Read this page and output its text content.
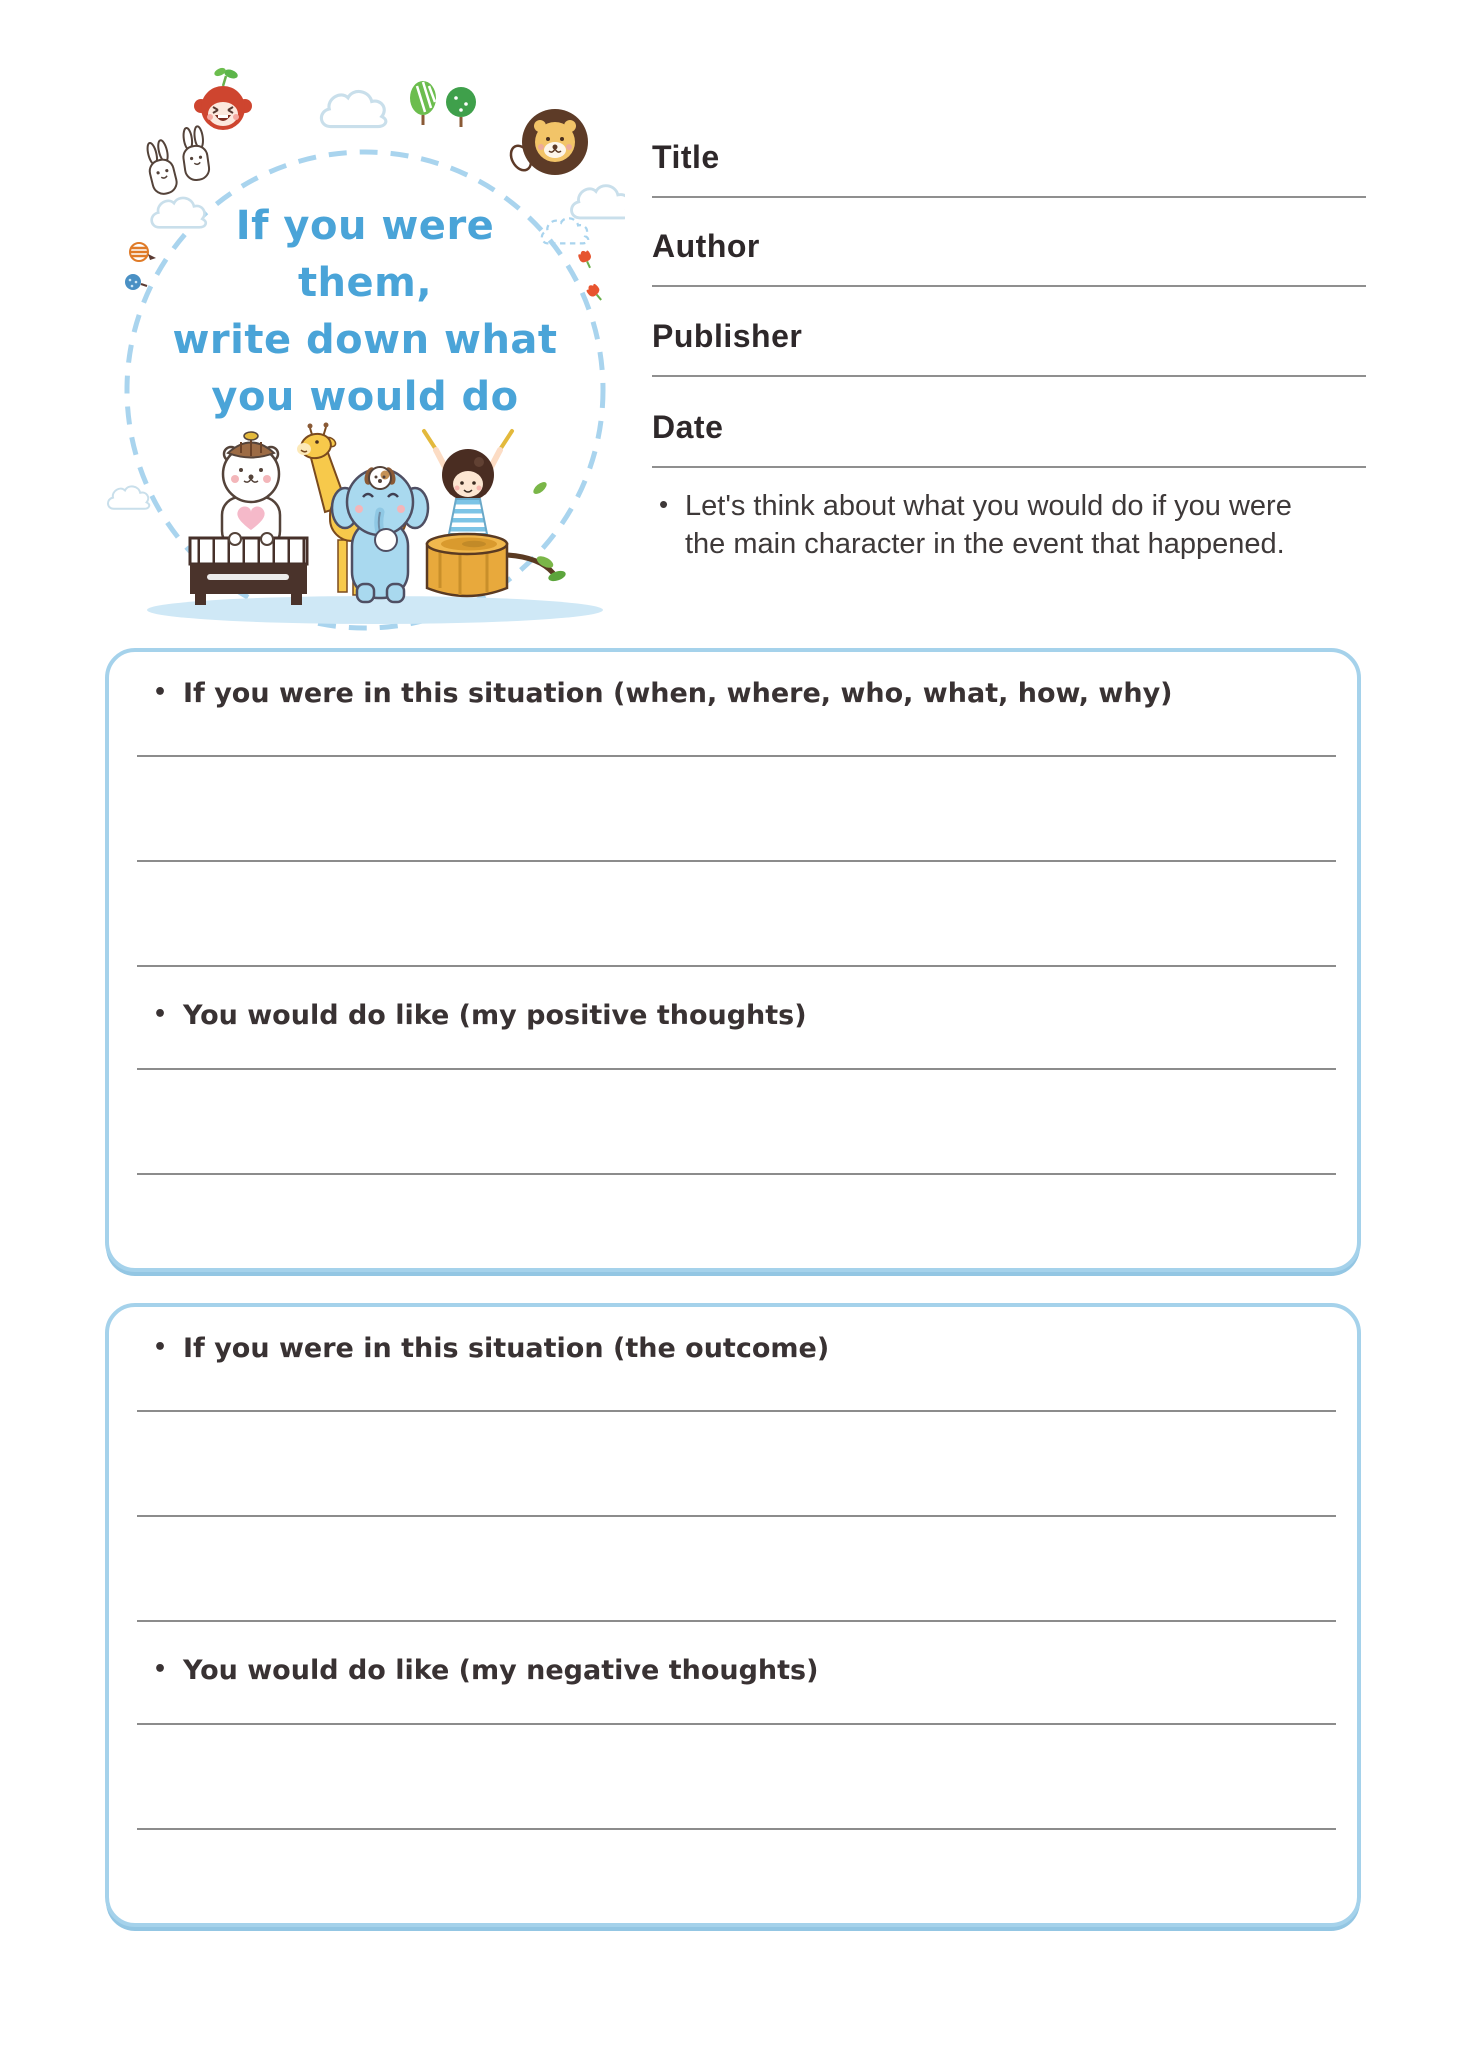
If you were
them,
write down what
you would do
Title
Author
Publisher
Date
• Let's think about what you would do if you were the main character in the event that happened.
• If you were in this situation (when, where, who, what, how, why)
• You would do like (my positive thoughts)
• If you were in this situation (the outcome)
• You would do like (my negative thoughts)
